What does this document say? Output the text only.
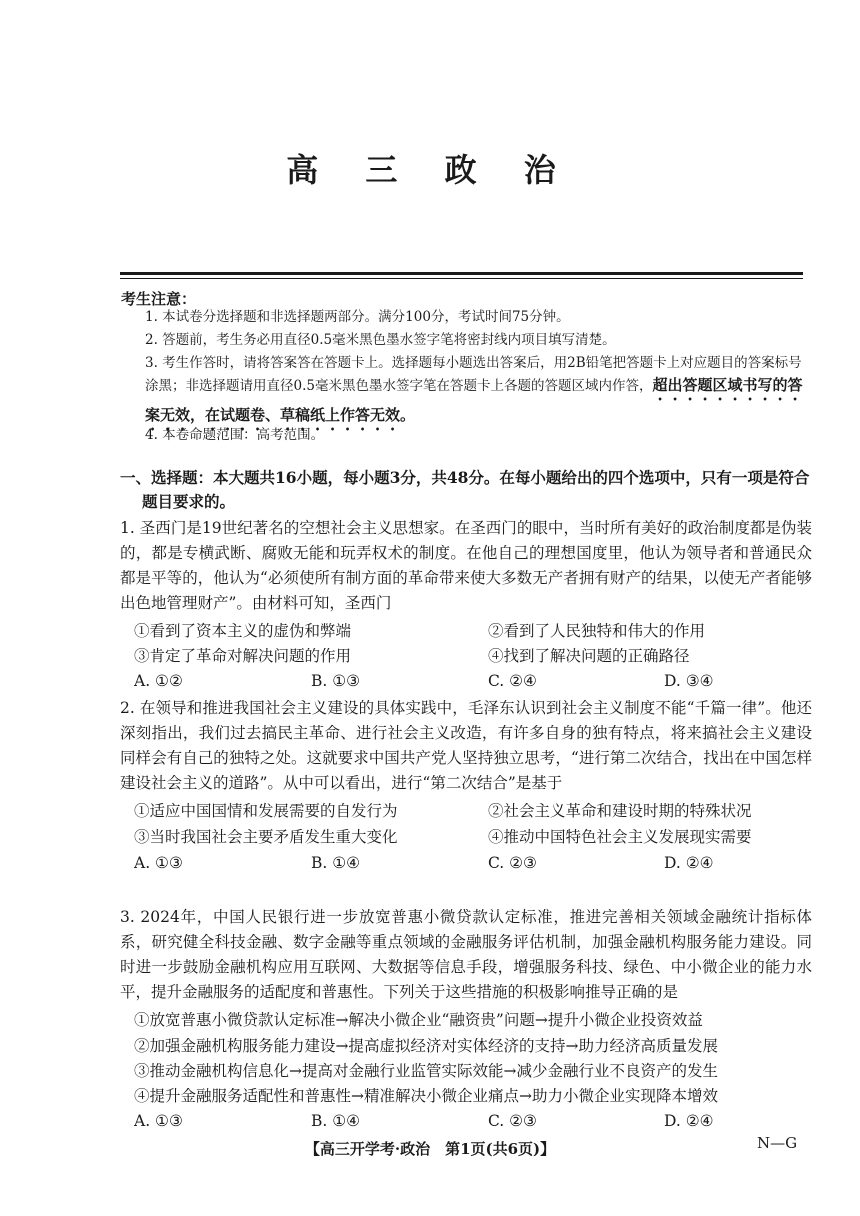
高 三 政 治
考生注意：
1. 本试卷分选择题和非选择题两部分。满分100分，考试时间75分钟。
2. 答题前，考生务必用直径0.5毫米黑色墨水签字笔将密封线内项目填写清楚。
3. 考生作答时，请将答案答在答题卡上。选择题每小题选出答案后，用2B铅笔把答题卡上对应题目的答案标号涂黑；非选择题请用直径0.5毫米黑色墨水签字笔在答题卡上各题的答题区域内作答，超出答题区域书写的答案无效，在试题卷、草稿纸上作答无效。
4. 本卷命题范围：高考范围。
一、选择题：本大题共16小题，每小题3分，共48分。在每小题给出的四个选项中，只有一项是符合题目要求的。
1. 圣西门是19世纪著名的空想社会主义思想家。在圣西门的眼中，当时所有美好的政治制度都是伪装的，都是专横武断、腐败无能和玩弄权术的制度。在他自己的理想国度里，他认为领导者和普通民众都是平等的，他认为“必须使所有制方面的革命带来使大多数无产者拥有财产的结果，以使无产者能够出色地管理财产”。由材料可知，圣西门
①看到了资本主义的虚伪和弊端	②看到了人民独特和伟大的作用
③肯定了革命对解决问题的作用	④找到了解决问题的正确路径
A. ①②	B. ①③	C. ②④	D. ③④
2. 在领导和推进我国社会主义建设的具体实践中，毛泽东认识到社会主义制度不能“千篇一律”。他还深刻指出，我们过去搞民主革命、进行社会主义改造，有许多自身的独有特点，将来搞社会主义建设同样会有自己的独特之处。这就要求中国共产党人坚持独立思考，“进行第二次结合，找出在中国怎样建设社会主义的道路”。从中可以看出，进行“第二次结合”是基于
①适应中国国情和发展需要的自发行为	②社会主义革命和建设时期的特殊状况
③当时我国社会主要矛盾发生重大变化	④推动中国特色社会主义发展现实需要
A. ①③	B. ①④	C. ②③	D. ②④
3. 2024年，中国人民银行进一步放宽普惠小微贷款认定标准，推进完善相关领域金融统计指标体系，研究健全科技金融、数字金融等重点领域的金融服务评估机制，加强金融机构服务能力建设。同时进一步鼓励金融机构应用互联网、大数据等信息手段，增强服务科技、绿色、中小微企业的能力水平，提升金融服务的适配度和普惠性。下列关于这些措施的积极影响推导正确的是
①放宽普惠小微贷款认定标准→解决小微企业“融资贵”问题→提升小微企业投资效益
②加强金融机构服务能力建设→提高虚拟经济对实体经济的支持→助力经济高质量发展
③推动金融机构信息化→提高对金融行业监管实际效能→减少金融行业不良资产的发生
④提升金融服务适配性和普惠性→精准解决小微企业痛点→助力小微企业实现降本增效
A. ①③	B. ①④	C. ②③	D. ②④
【高三开学考·政治　第1页(共6页)】	N—G
